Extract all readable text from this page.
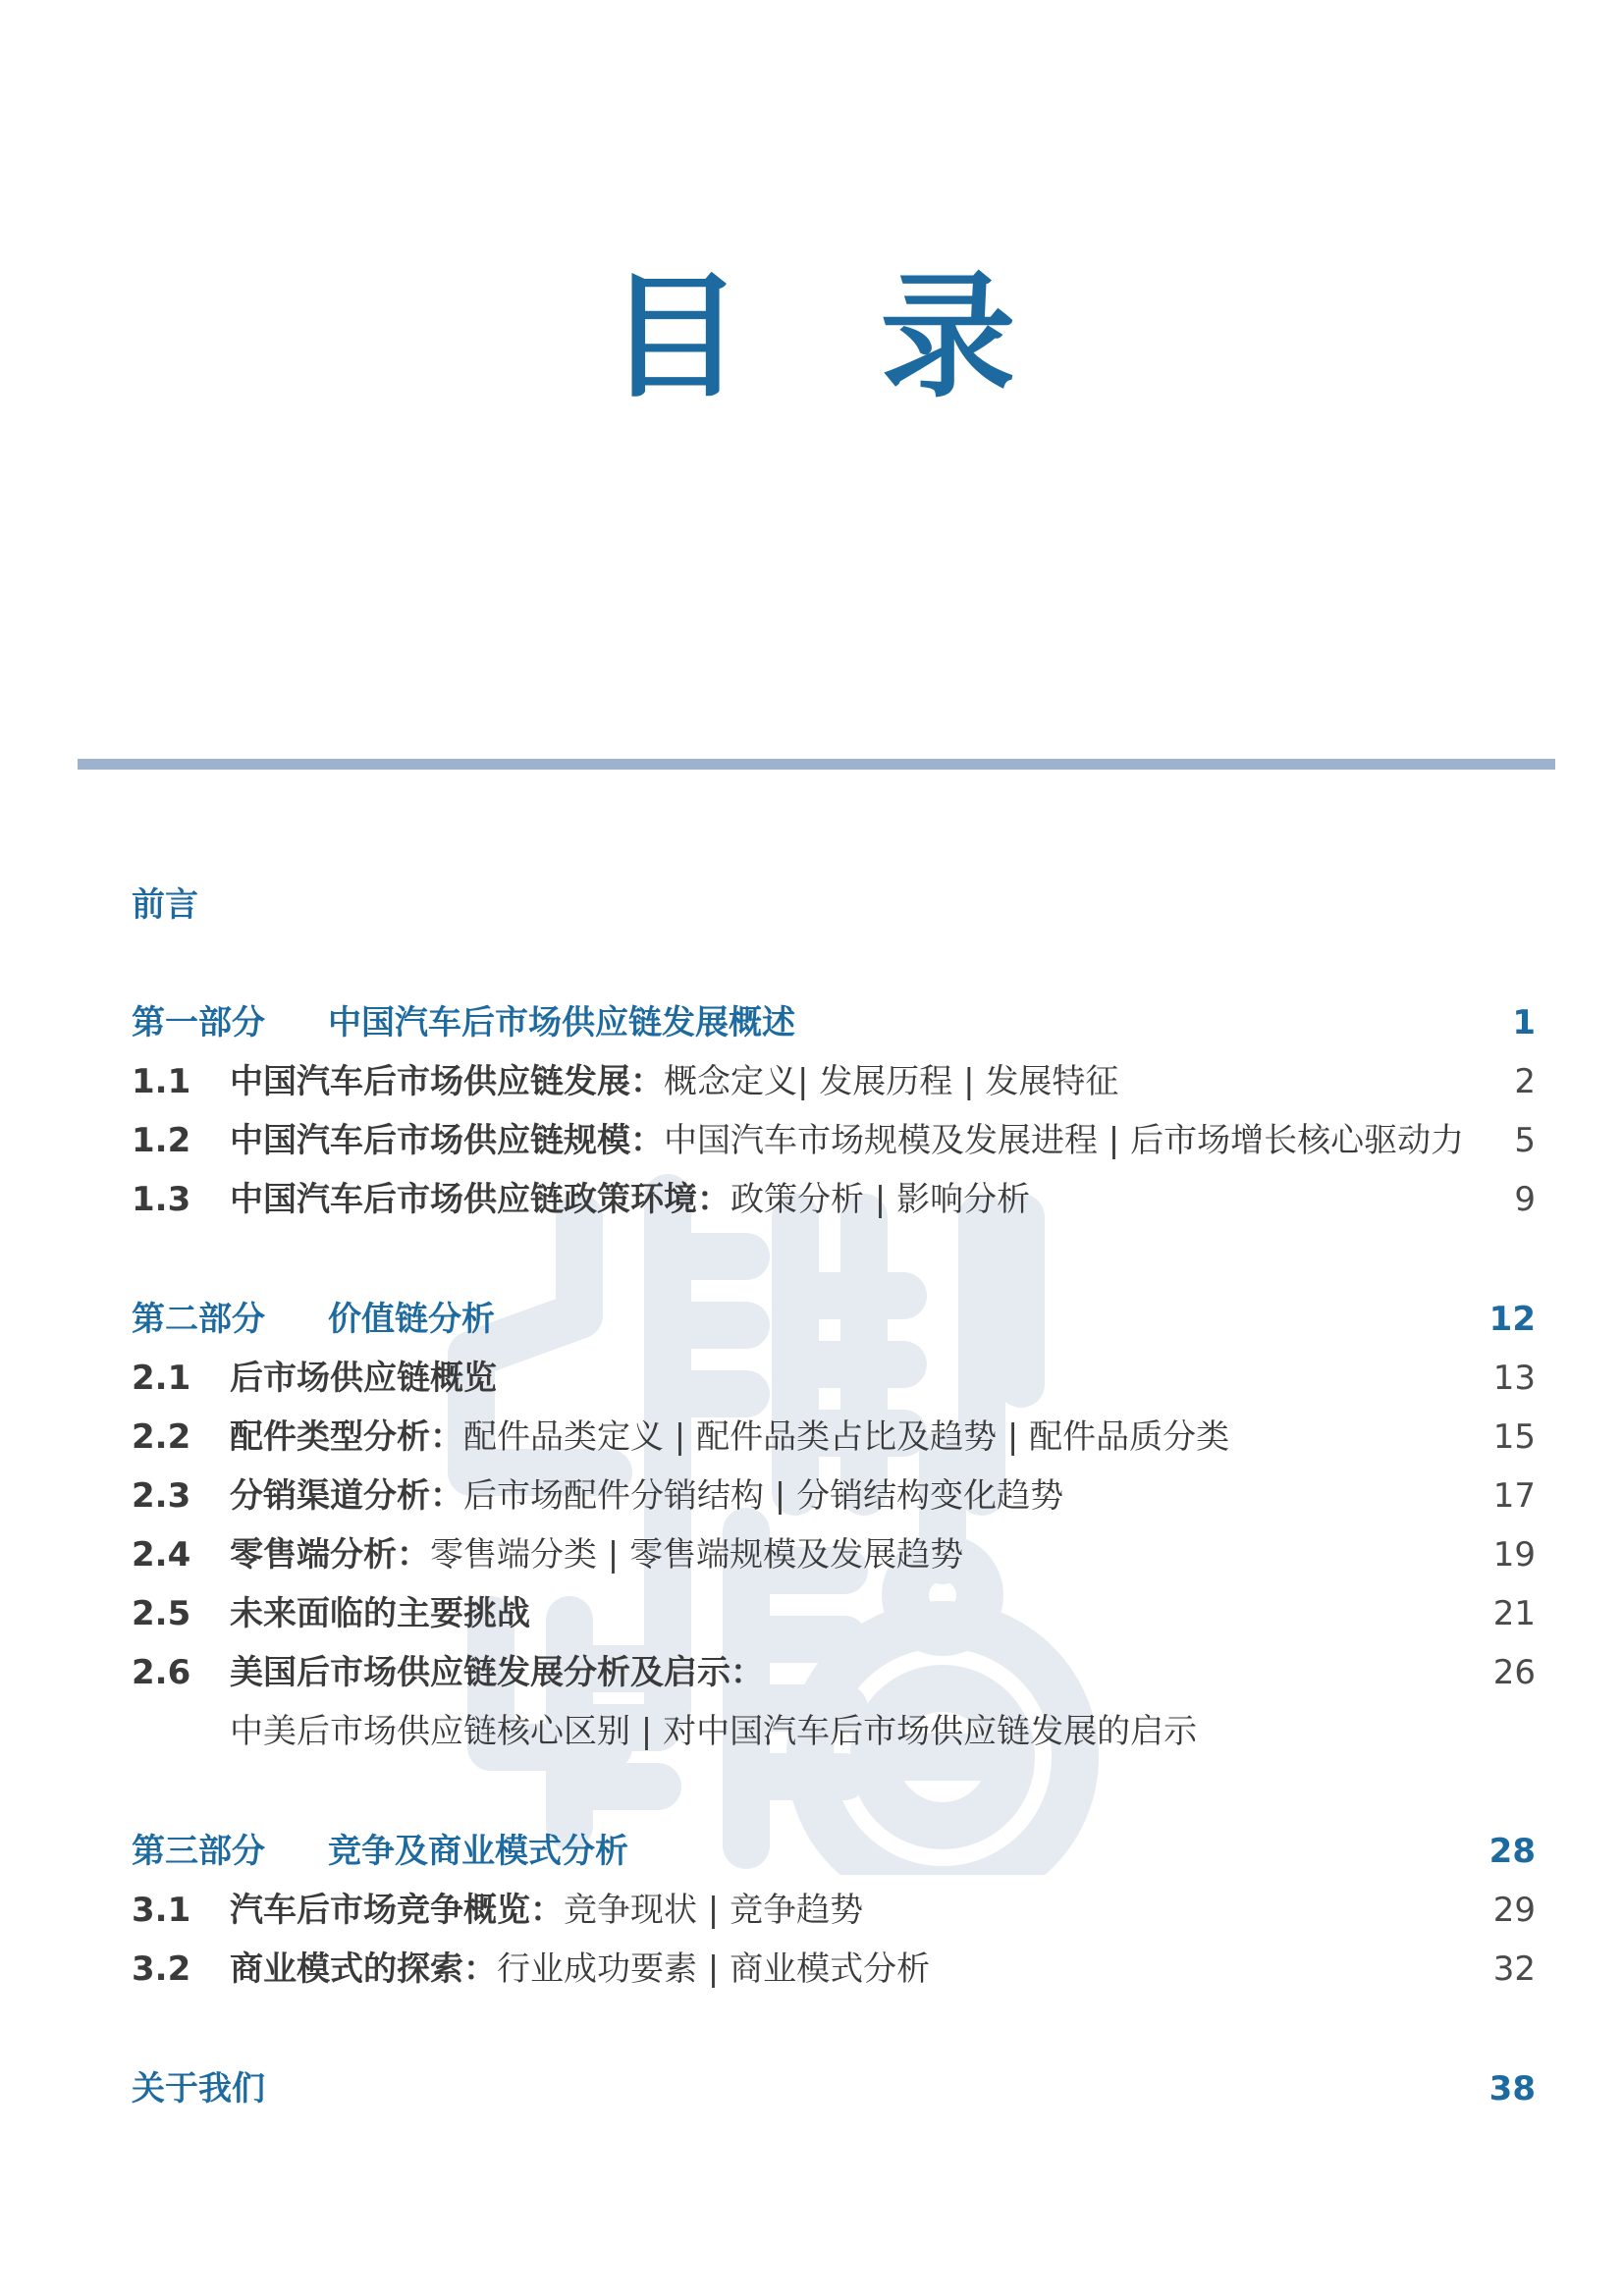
目 录
前言
第一部分 中国汽车后市场供应链发展概述	1
1.1 中国汽车后市场供应链发展：概念定义| 发展历程 | 发展特征	2
1.2 中国汽车后市场供应链规模：中国汽车市场规模及发展进程 | 后市场增长核心驱动力 5
1.3 中国汽车后市场供应链政策环境：政策分析 | 影响分析	9
第二部分 价值链分析	12
2.1 后市场供应链概览	13
2.2 配件类型分析：配件品类定义 | 配件品类占比及趋势 | 配件品质分类	15
2.3 分销渠道分析：后市场配件分销结构 | 分销结构变化趋势	17
2.4 零售端分析：零售端分类 | 零售端规模及发展趋势	19
2.5 未来面临的主要挑战	21
2.6 美国后市场供应链发展分析及启示：	26
中美后市场供应链核心区别 | 对中国汽车后市场供应链发展的启示
第三部分 竞争及商业模式分析	28
3.1 汽车后市场竞争概览：竞争现状 | 竞争趋势	29
3.2 商业模式的探索：行业成功要素 | 商业模式分析	32
关于我们	38
